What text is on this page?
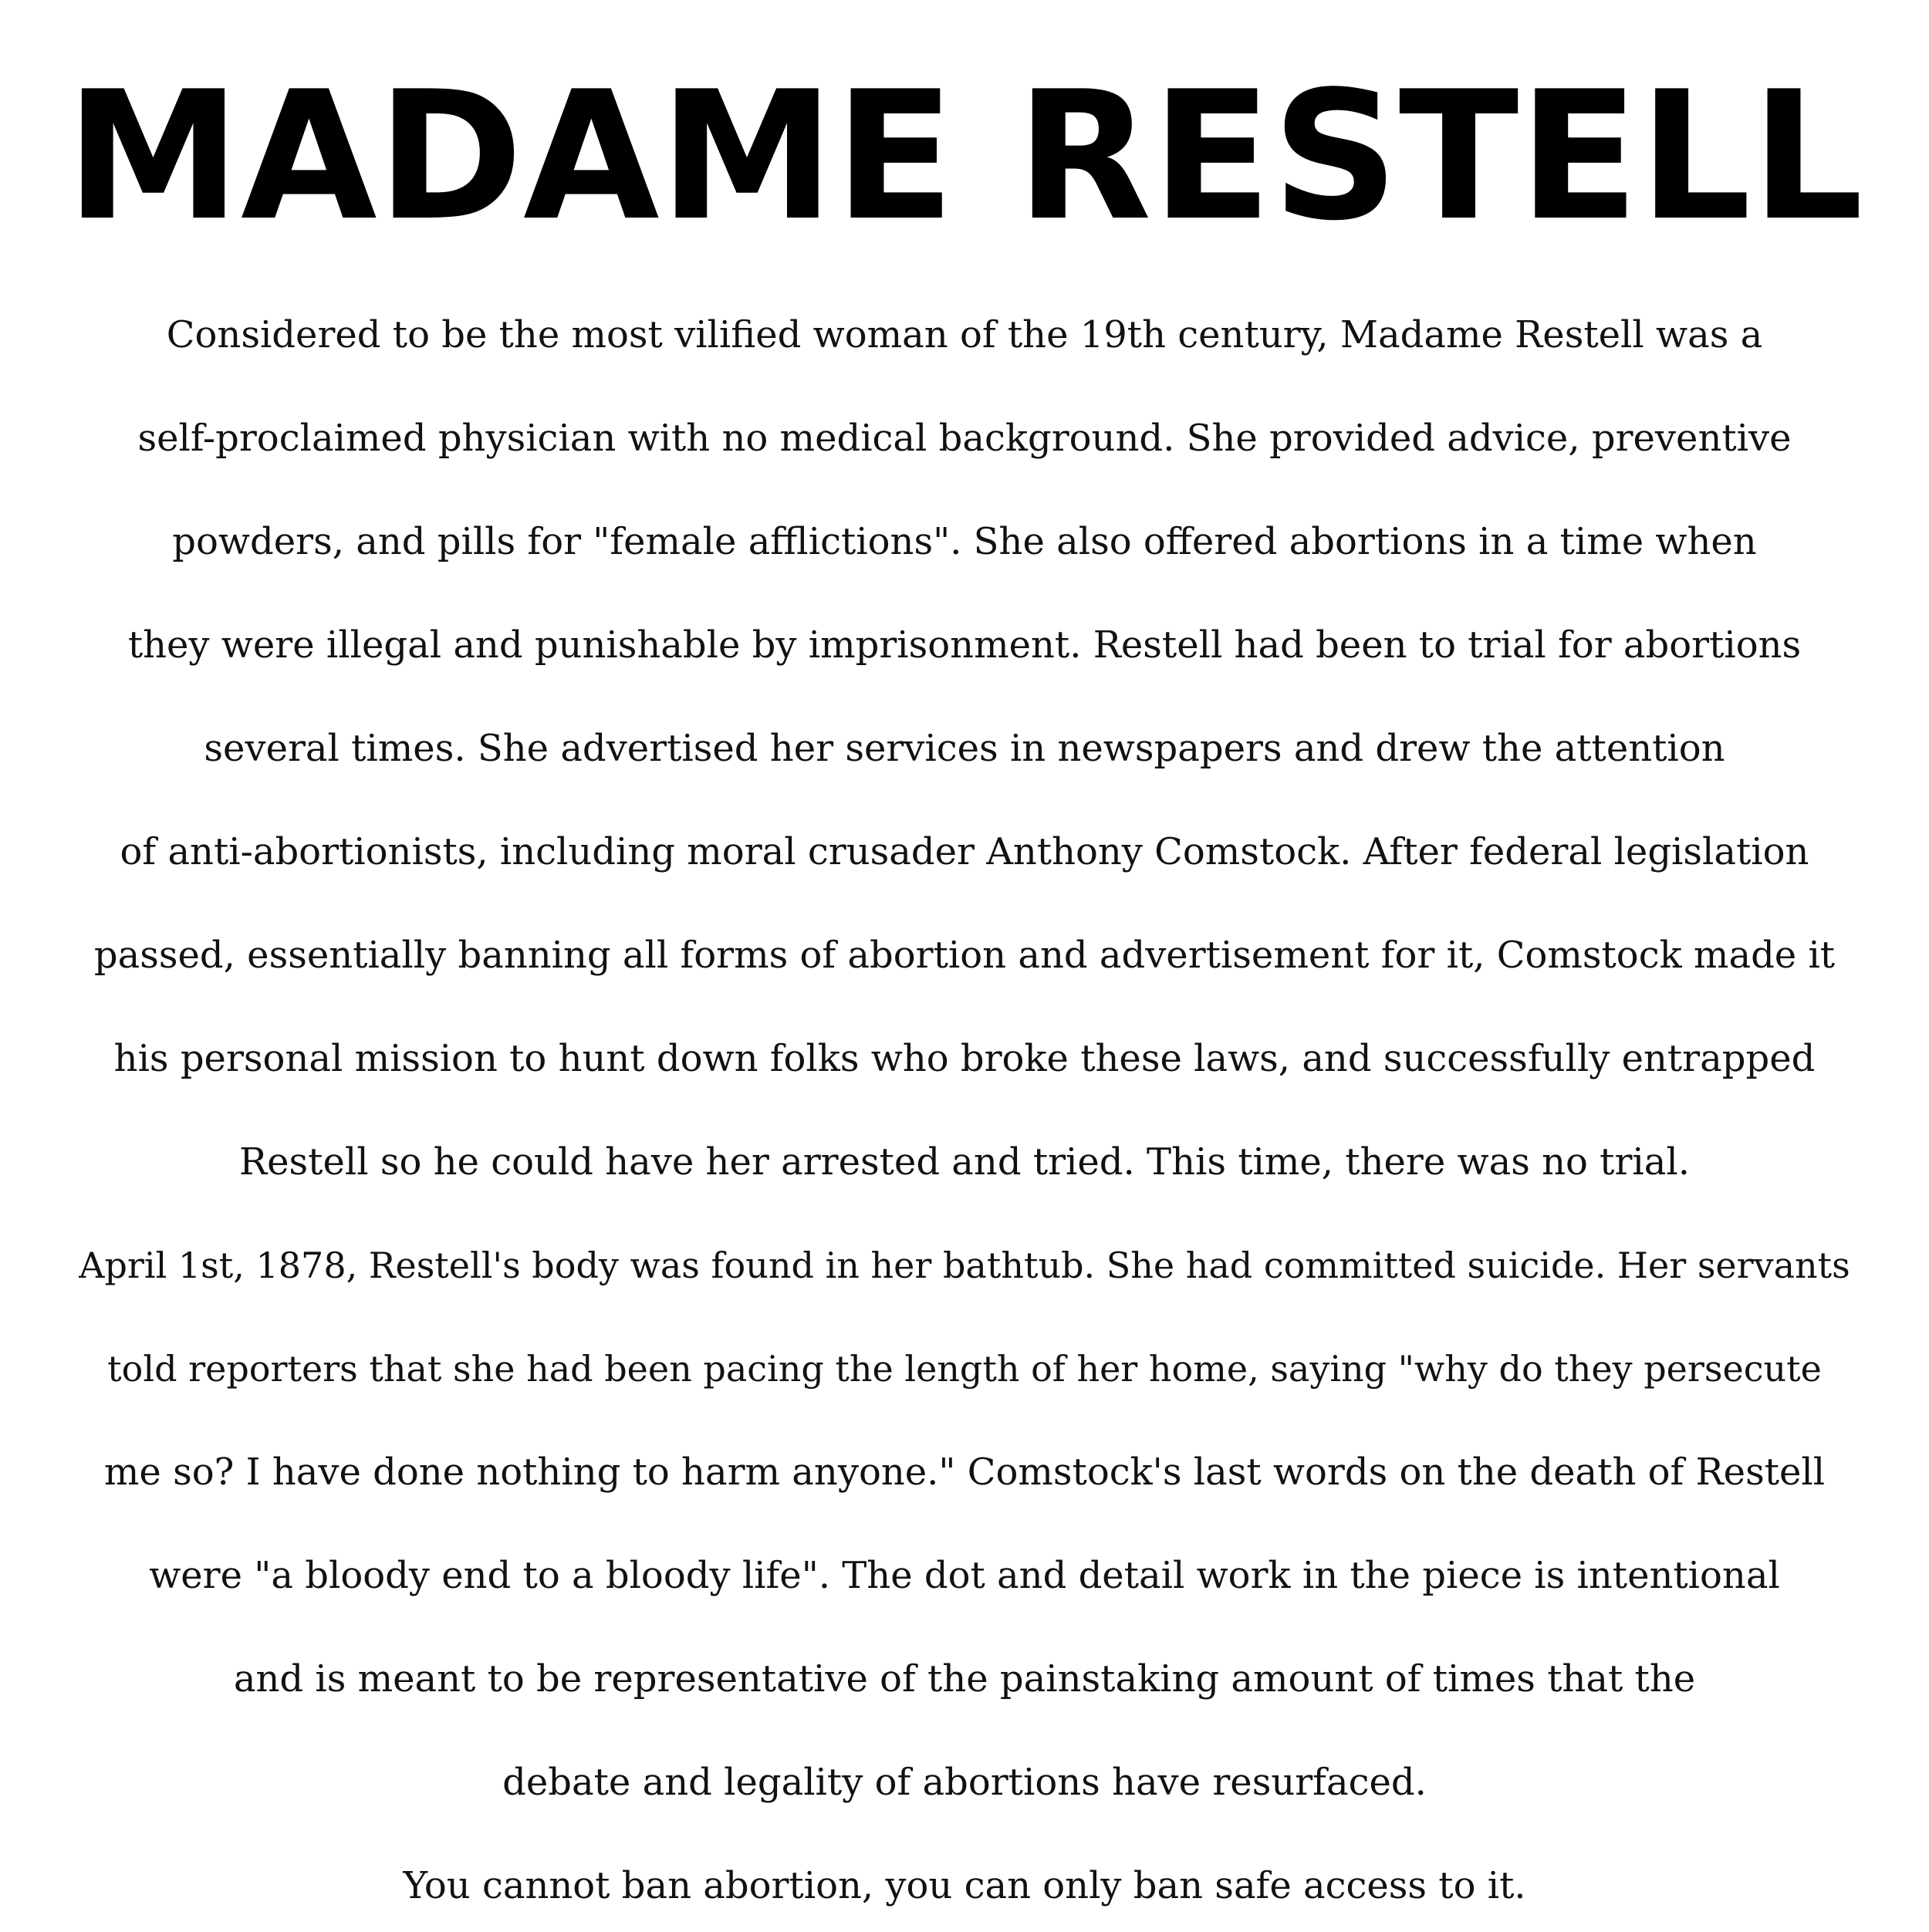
MADAME RESTELL
Considered to be the most vilified woman of the 19th century, Madame Restell was a
self-proclaimed physician with no medical background. She provided advice, preventive
powders, and pills for "female afflictions". She also offered abortions in a time when
they were illegal and punishable by imprisonment. Restell had been to trial for abortions
several times. She advertised her services in newspapers and drew the attention
of anti-abortionists, including moral crusader Anthony Comstock. After federal legislation
passed, essentially banning all forms of abortion and advertisement for it, Comstock made it
his personal mission to hunt down folks who broke these laws, and successfully entrapped
Restell so he could have her arrested and tried. This time, there was no trial.
April 1st, 1878, Restell's body was found in her bathtub. She had committed suicide. Her servants
told reporters that she had been pacing the length of her home, saying "why do they persecute
me so? I have done nothing to harm anyone." Comstock's last words on the death of Restell
were "a bloody end to a bloody life". The dot and detail work in the piece is intentional
and is meant to be representative of the painstaking amount of times that the
debate and legality of abortions have resurfaced.
You cannot ban abortion, you can only ban safe access to it.
